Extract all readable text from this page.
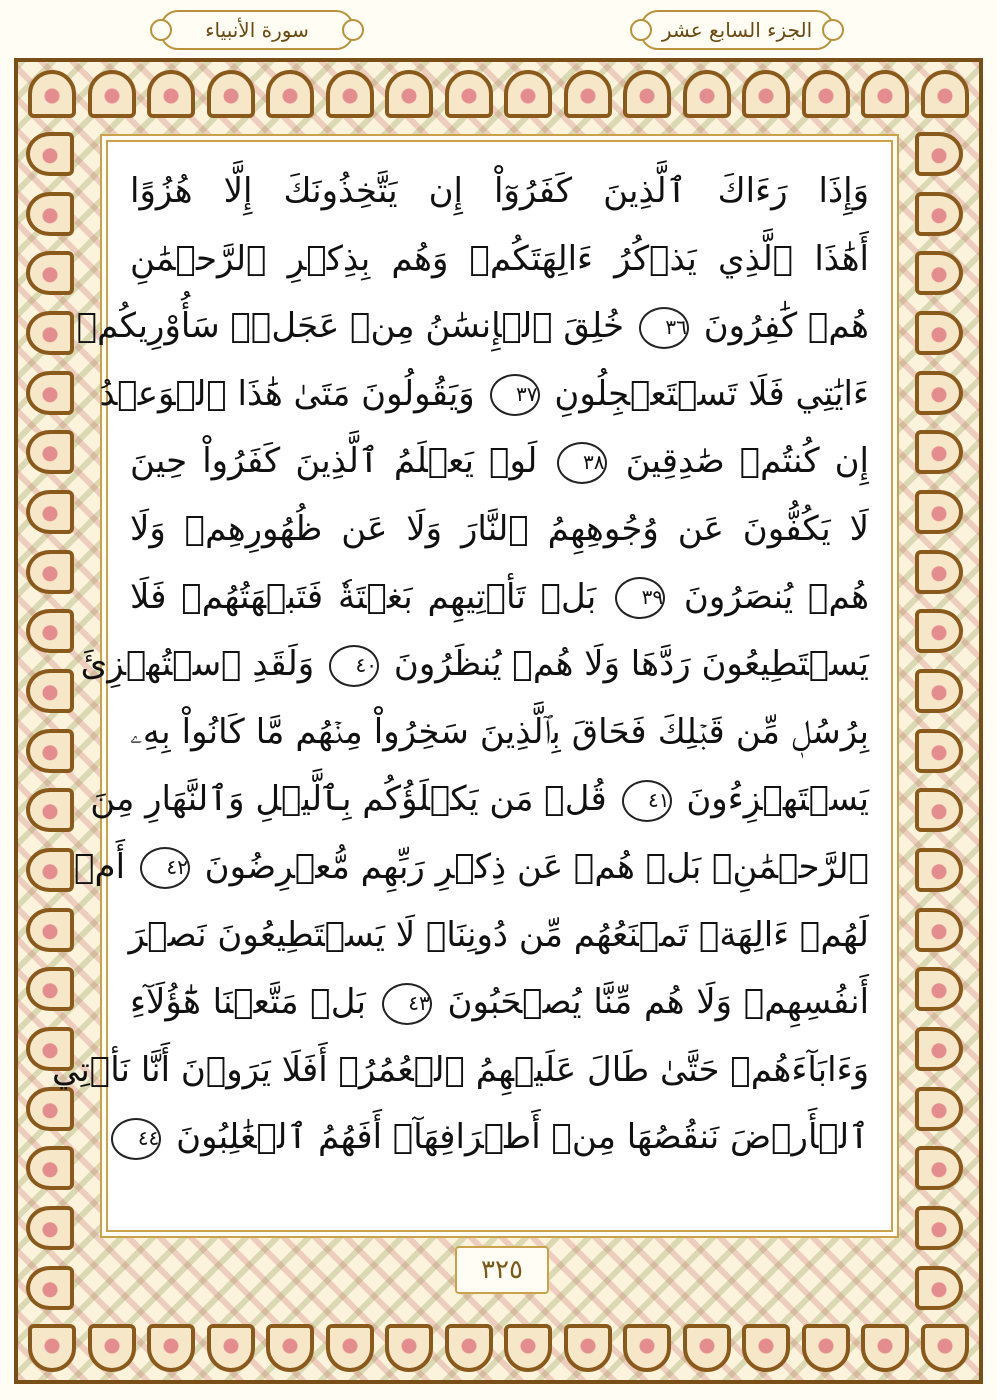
سورة الأنبياء	الجزء السابع عشر
وَإِذَا رَءَاكَ ٱلَّذِينَ كَفَرُوٓاْ إِن يَتَّخِذُونَكَ إِلَّا هُزُوًا
أَهَٰذَا ٱلَّذِي يَذۡكُرُ ءَالِهَتَكُمۡ وَهُم بِذِكۡرِ ٱلرَّحۡمَٰنِ
هُمۡ كَٰفِرُونَ ٣٦ خُلِقَ ٱلۡإِنسَٰنُ مِنۡ عَجَلٖۚ سَأُوْرِيكُمۡ
ءَايَٰتِي فَلَا تَسۡتَعۡجِلُونِ ٣٧ وَيَقُولُونَ مَتَىٰ هَٰذَا ٱلۡوَعۡدُ
إِن كُنتُمۡ صَٰدِقِينَ ٣٨ لَوۡ يَعۡلَمُ ٱلَّذِينَ كَفَرُواْ حِينَ
لَا يَكُفُّونَ عَن وُجُوهِهِمُ ٱلنَّارَ وَلَا عَن ظُهُورِهِمۡ وَلَا
هُمۡ يُنصَرُونَ ٣٩ بَلۡ تَأۡتِيهِم بَغۡتَةٗ فَتَبۡهَتُهُمۡ فَلَا
يَسۡتَطِيعُونَ رَدَّهَا وَلَا هُمۡ يُنظَرُونَ ٤٠ وَلَقَدِ ٱسۡتُهۡزِئَ
بِرُسُلٖ مِّن قَبۡلِكَ فَحَاقَ بِٱلَّذِينَ سَخِرُواْ مِنۡهُم مَّا كَانُواْ بِهِۦ
يَسۡتَهۡزِءُونَ ٤١ قُلۡ مَن يَكۡلَؤُكُم بِٱلَّيۡلِ وَٱلنَّهَارِ مِنَ
ٱلرَّحۡمَٰنِۗ بَلۡ هُمۡ عَن ذِكۡرِ رَبِّهِم مُّعۡرِضُونَ ٤٢ أَمۡ
لَهُمۡ ءَالِهَةٞ تَمۡنَعُهُم مِّن دُونِنَاۚ لَا يَسۡتَطِيعُونَ نَصۡرَ
أَنفُسِهِمۡ وَلَا هُم مِّنَّا يُصۡحَبُونَ ٤٣ بَلۡ مَتَّعۡنَا هَٰٓؤُلَآءِ
وَءَابَآءَهُمۡ حَتَّىٰ طَالَ عَلَيۡهِمُ ٱلۡعُمُرُۗ أَفَلَا يَرَوۡنَ أَنَّا نَأۡتِي
ٱلۡأَرۡضَ نَنقُصُهَا مِنۡ أَطۡرَافِهَآۚ أَفَهُمُ ٱلۡغَٰلِبُونَ ٤٤
٣٢٥
